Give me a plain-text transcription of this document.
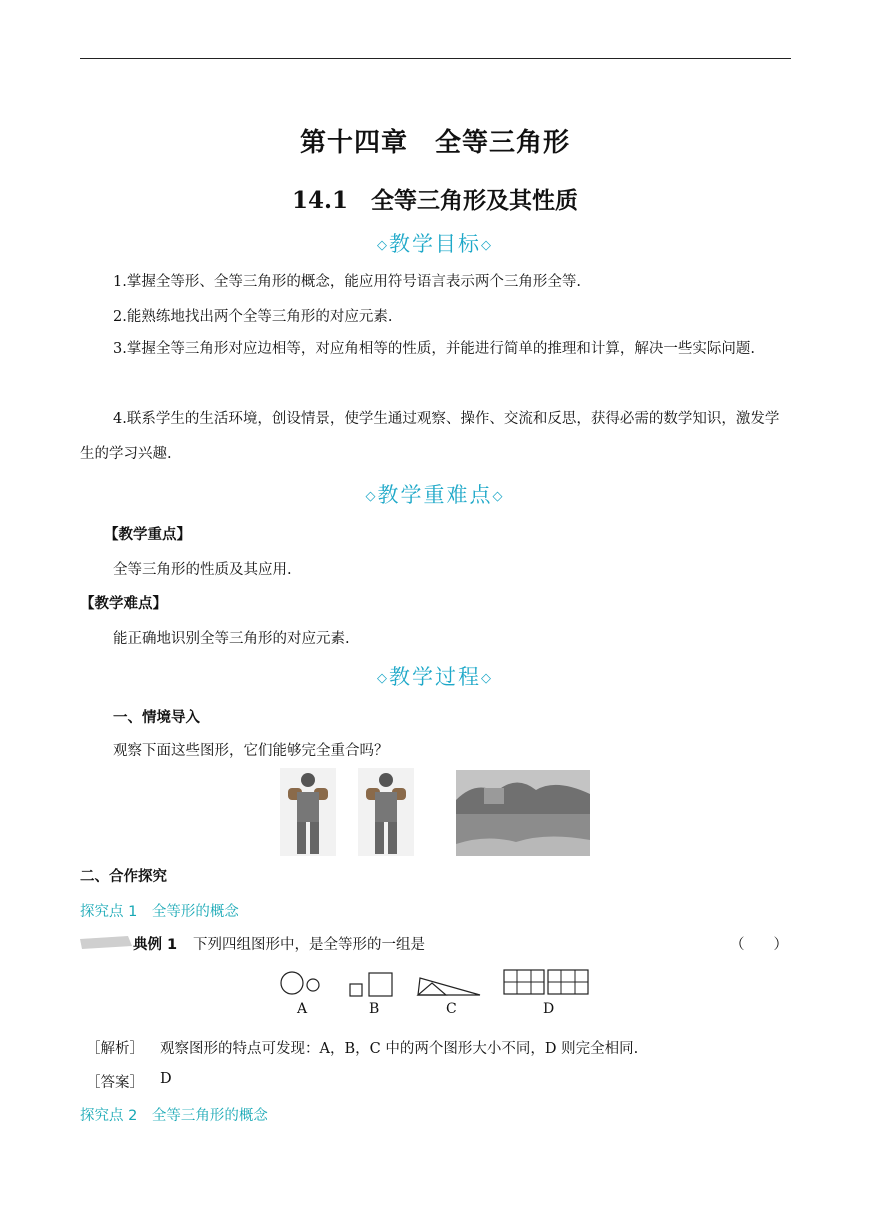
第十四章　全等三角形
14.1　全等三角形及其性质
◇教学目标◇
1.掌握全等形、全等三角形的概念，能应用符号语言表示两个三角形全等.
2.能熟练地找出两个全等三角形的对应元素.
3.掌握全等三角形对应边相等，对应角相等的性质，并能进行简单的推理和计算，解决一些实际问题.
4.联系学生的生活环境，创设情景，使学生通过观察、操作、交流和反思，获得必需的数学知识，激发学生的学习兴趣.
◇教学重难点◇
【教学重点】
全等三角形的性质及其应用.
【教学难点】
能正确地识别全等三角形的对应元素.
◇教学过程◇
一、情境导入
观察下面这些图形，它们能够完全重合吗？
二、合作探究
探究点 1　全等形的概念
典例 1 下列四组图形中，是全等形的一组是	（　　）
A	B	C	D
［解析］ 观察图形的特点可发现：A，B，C 中的两个图形大小不同，D 则完全相同.
［答案］ D
探究点 2　全等三角形的概念
